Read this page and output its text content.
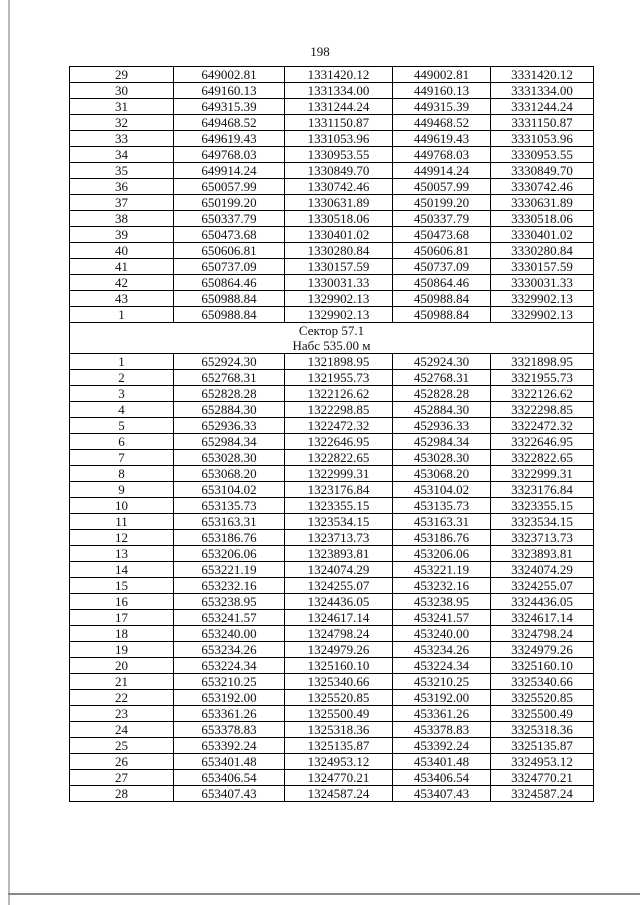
198
29	649002.81	1331420.12	449002.81	3331420.12
30	649160.13	1331334.00	449160.13	3331334.00
31	649315.39	1331244.24	449315.39	3331244.24
32	649468.52	1331150.87	449468.52	3331150.87
33	649619.43	1331053.96	449619.43	3331053.96
34	649768.03	1330953.55	449768.03	3330953.55
35	649914.24	1330849.70	449914.24	3330849.70
36	650057.99	1330742.46	450057.99	3330742.46
37	650199.20	1330631.89	450199.20	3330631.89
38	650337.79	1330518.06	450337.79	3330518.06
39	650473.68	1330401.02	450473.68	3330401.02
40	650606.81	1330280.84	450606.81	3330280.84
41	650737.09	1330157.59	450737.09	3330157.59
42	650864.46	1330031.33	450864.46	3330031.33
43	650988.84	1329902.13	450988.84	3329902.13
1	650988.84	1329902.13	450988.84	3329902.13

Сектор 57.1
Набс 535.00 м				

1	652924.30	1321898.95	452924.30	3321898.95
2	652768.31	1321955.73	452768.31	3321955.73
3	652828.28	1322126.62	452828.28	3322126.62
4	652884.30	1322298.85	452884.30	3322298.85
5	652936.33	1322472.32	452936.33	3322472.32
6	652984.34	1322646.95	452984.34	3322646.95
7	653028.30	1322822.65	453028.30	3322822.65
8	653068.20	1322999.31	453068.20	3322999.31
9	653104.02	1323176.84	453104.02	3323176.84
10	653135.73	1323355.15	453135.73	3323355.15
11	653163.31	1323534.15	453163.31	3323534.15
12	653186.76	1323713.73	453186.76	3323713.73
13	653206.06	1323893.81	453206.06	3323893.81
14	653221.19	1324074.29	453221.19	3324074.29
15	653232.16	1324255.07	453232.16	3324255.07
16	653238.95	1324436.05	453238.95	3324436.05
17	653241.57	1324617.14	453241.57	3324617.14
18	653240.00	1324798.24	453240.00	3324798.24
19	653234.26	1324979.26	453234.26	3324979.26
20	653224.34	1325160.10	453224.34	3325160.10
21	653210.25	1325340.66	453210.25	3325340.66
22	653192.00	1325520.85	453192.00	3325520.85
23	653361.26	1325500.49	453361.26	3325500.49
24	653378.83	1325318.36	453378.83	3325318.36
25	653392.24	1325135.87	453392.24	3325135.87
26	653401.48	1324953.12	453401.48	3324953.12
27	653406.54	1324770.21	453406.54	3324770.21
28	653407.43	1324587.24	453407.43	3324587.24
